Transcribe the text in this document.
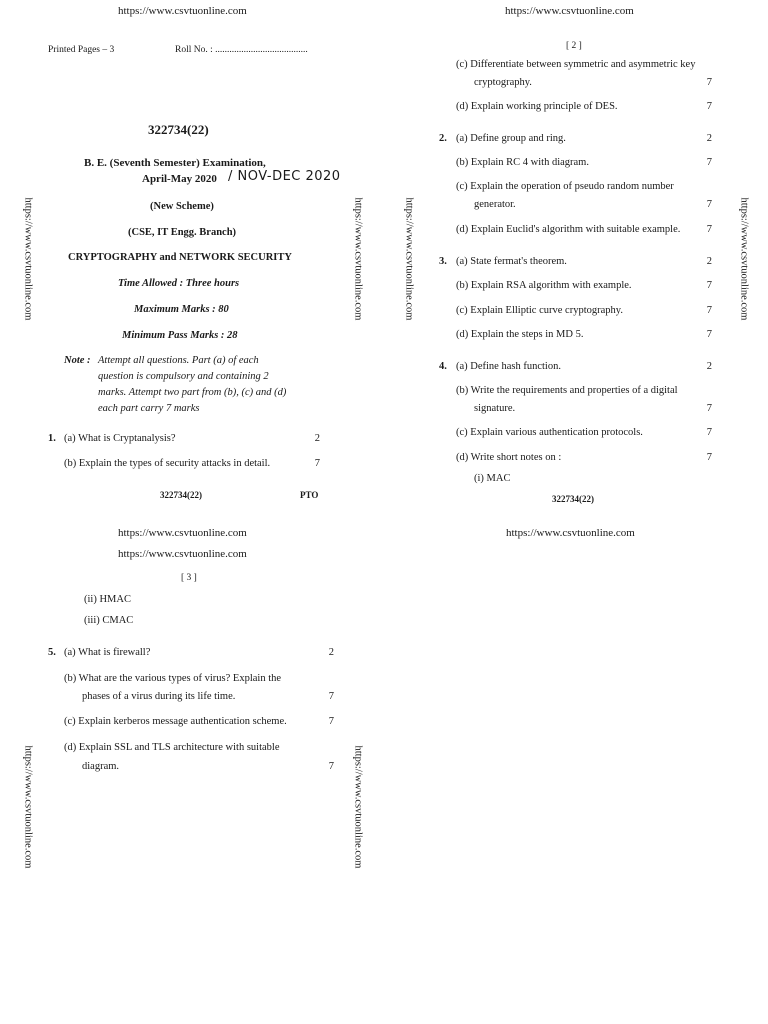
https://www.csvtuonline.com	https://www.csvtuonline.com
https://www.csvtuonline.com	https://www.csvtuonline.com	https://www.csvtuonline.com	https://www.csvtuonline.com
https://www.csvtuonline.com	https://www.csvtuonline.com
Printed Pages – 3	Roll No. : .......................................
322734(22)
B. E. (Seventh Semester) Examination,
April-May 2020 / NOV-DEC 2020
(New Scheme)
(CSE, IT Engg. Branch)
CRYPTOGRAPHY and NETWORK SECURITY
Time Allowed : Three hours
Maximum Marks : 80
Minimum Pass Marks : 28
Note : Attempt all questions. Part (a) of each
question is compulsory and containing 2
marks. Attempt two part from (b), (c) and (d)
each part carry 7 marks
1. (a) What is Cryptanalysis?	2
(b) Explain the types of security attacks in detail.	7
322734(22)	PTO
[ 2 ]
(c) Differentiate between symmetric and asymmetric key
cryptography.	7
(d) Explain working principle of DES.	7
2. (a) Define group and ring.	2
(b) Explain RC 4 with diagram.	7
(c) Explain the operation of pseudo random number
generator.	7
(d) Explain Euclid's algorithm with suitable example.	7
3. (a) State fermat's theorem.	2
(b) Explain RSA algorithm with example.	7
(c) Explain Elliptic curve cryptography.	7
(d) Explain the steps in MD 5.	7
4. (a) Define hash function.	2
(b) Write the requirements and properties of a digital
signature.	7
(c) Explain various authentication protocols.	7
(d) Write short notes on :	7
(i) MAC
322734(22)
https://www.csvtuonline.com
https://www.csvtuonline.com
https://www.csvtuonline.com
[ 3 ]
(ii) HMAC
(iii) CMAC
5. (a) What is firewall?	2
(b) What are the various types of virus? Explain the
phases of a virus during its life time.	7
(c) Explain kerberos message authentication scheme.	7
(d) Explain SSL and TLS architecture with suitable
diagram.	7
